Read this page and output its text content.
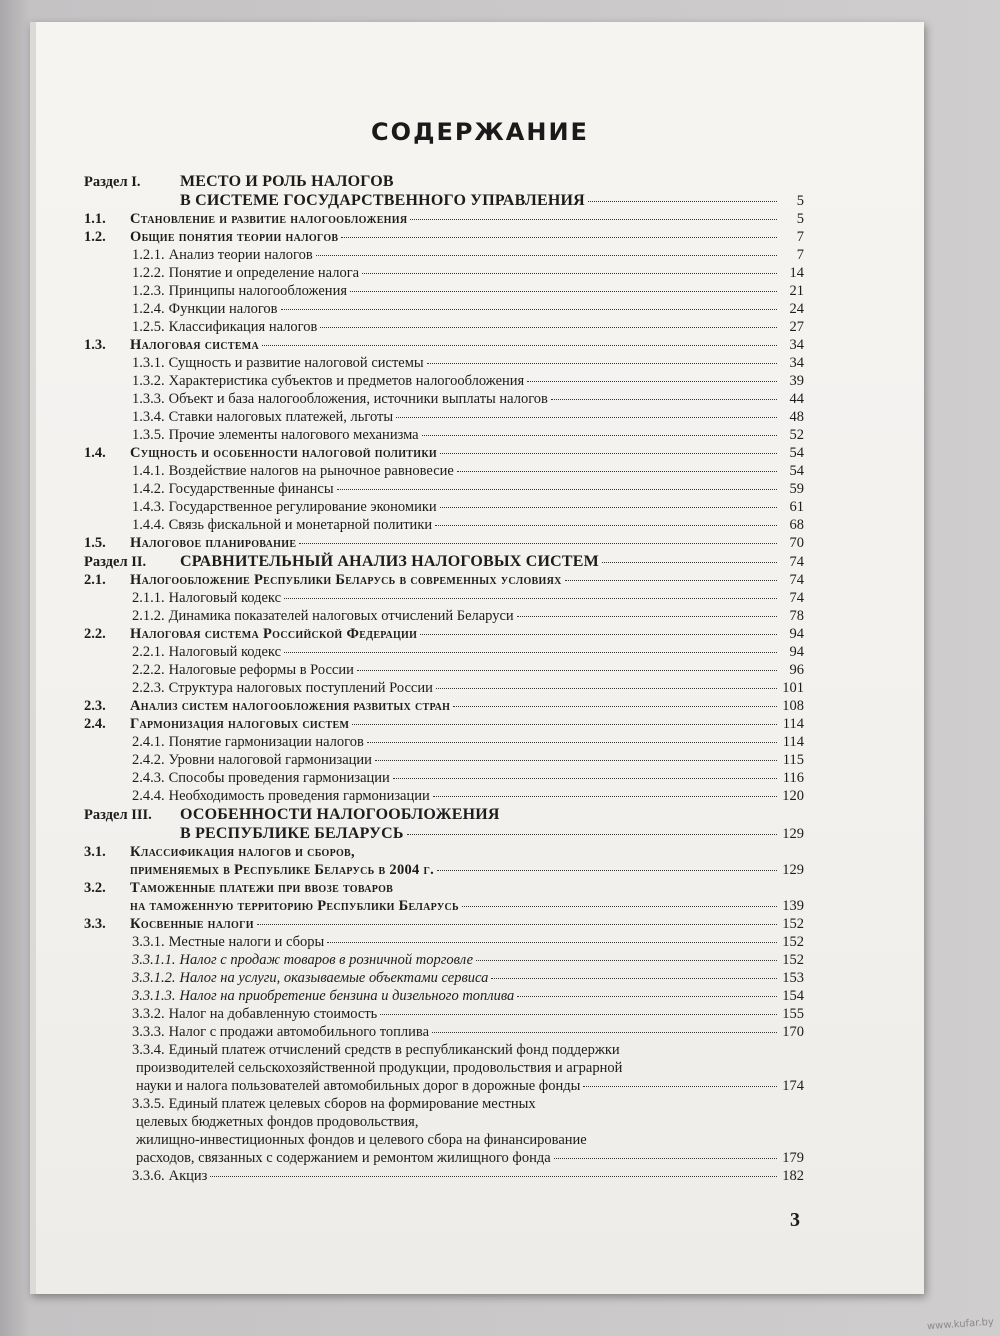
СОДЕРЖАНИЕ
Раздел I.	МЕСТО И РОЛЬ НАЛОГОВ
В СИСТЕМЕ ГОСУДАРСТВЕННОГО УПРАВЛЕНИЯ	5
1.1.	Становление и развитие налогообложения	5
1.2.	Общие понятия теории налогов	7
1.2.1. Анализ теории налогов	7
1.2.2. Понятие и определение налога	14
1.2.3. Принципы налогообложения	21
1.2.4. Функции налогов	24
1.2.5. Классификация налогов	27
1.3.	Налоговая система	34
1.3.1. Сущность и развитие налоговой системы	34
1.3.2. Характеристика субъектов и предметов налогообложения	39
1.3.3. Объект и база налогообложения, источники выплаты налогов	44
1.3.4. Ставки налоговых платежей, льготы	48
1.3.5. Прочие элементы налогового механизма	52
1.4.	Сущность и особенности налоговой политики	54
1.4.1. Воздействие налогов на рыночное равновесие	54
1.4.2. Государственные финансы	59
1.4.3. Государственное регулирование экономики	61
1.4.4. Связь фискальной и монетарной политики	68
1.5.	Налоговое планирование	70
Раздел II.	СРАВНИТЕЛЬНЫЙ АНАЛИЗ НАЛОГОВЫХ СИСТЕМ	74
2.1.	Налогообложение Республики Беларусь в современных условиях	74
2.1.1. Налоговый кодекс	74
2.1.2. Динамика показателей налоговых отчислений Беларуси	78
2.2.	Налоговая система Российской Федерации	94
2.2.1. Налоговый кодекс	94
2.2.2. Налоговые реформы в России	96
2.2.3. Структура налоговых поступлений России	101
2.3.	Анализ систем налогообложения развитых стран	108
2.4.	Гармонизация налоговых систем	114
2.4.1. Понятие гармонизации налогов	114
2.4.2. Уровни налоговой гармонизации	115
2.4.3. Способы проведения гармонизации	116
2.4.4. Необходимость проведения гармонизации	120
Раздел III.	ОСОБЕННОСТИ НАЛОГООБЛОЖЕНИЯ
В РЕСПУБЛИКЕ БЕЛАРУСЬ	129
3.1.	Классификация налогов и сборов,
применяемых в Республике Беларусь в 2004 г.	129
3.2.	Таможенные платежи при ввозе товаров
на таможенную территорию Республики Беларусь	139
3.3.	Косвенные налоги	152
3.3.1. Местные налоги и сборы	152
3.3.1.1. Налог с продаж товаров в розничной торговле	152
3.3.1.2. Налог на услуги, оказываемые объектами сервиса	153
3.3.1.3. Налог на приобретение бензина и дизельного топлива	154
3.3.2. Налог на добавленную стоимость	155
3.3.3. Налог с продажи автомобильного топлива	170
3.3.4. Единый платеж отчислений средств в республиканский фонд поддержки
производителей сельскохозяйственной продукции, продовольствия и аграрной
науки и налога пользователей автомобильных дорог в дорожные фонды	174
3.3.5. Единый платеж целевых сборов на формирование местных
целевых бюджетных фондов продовольствия,
жилищно-инвестиционных фондов и целевого сбора на финансирование
расходов, связанных с содержанием и ремонтом жилищного фонда	179
3.3.6. Акциз	182
3
www.kufar.by
